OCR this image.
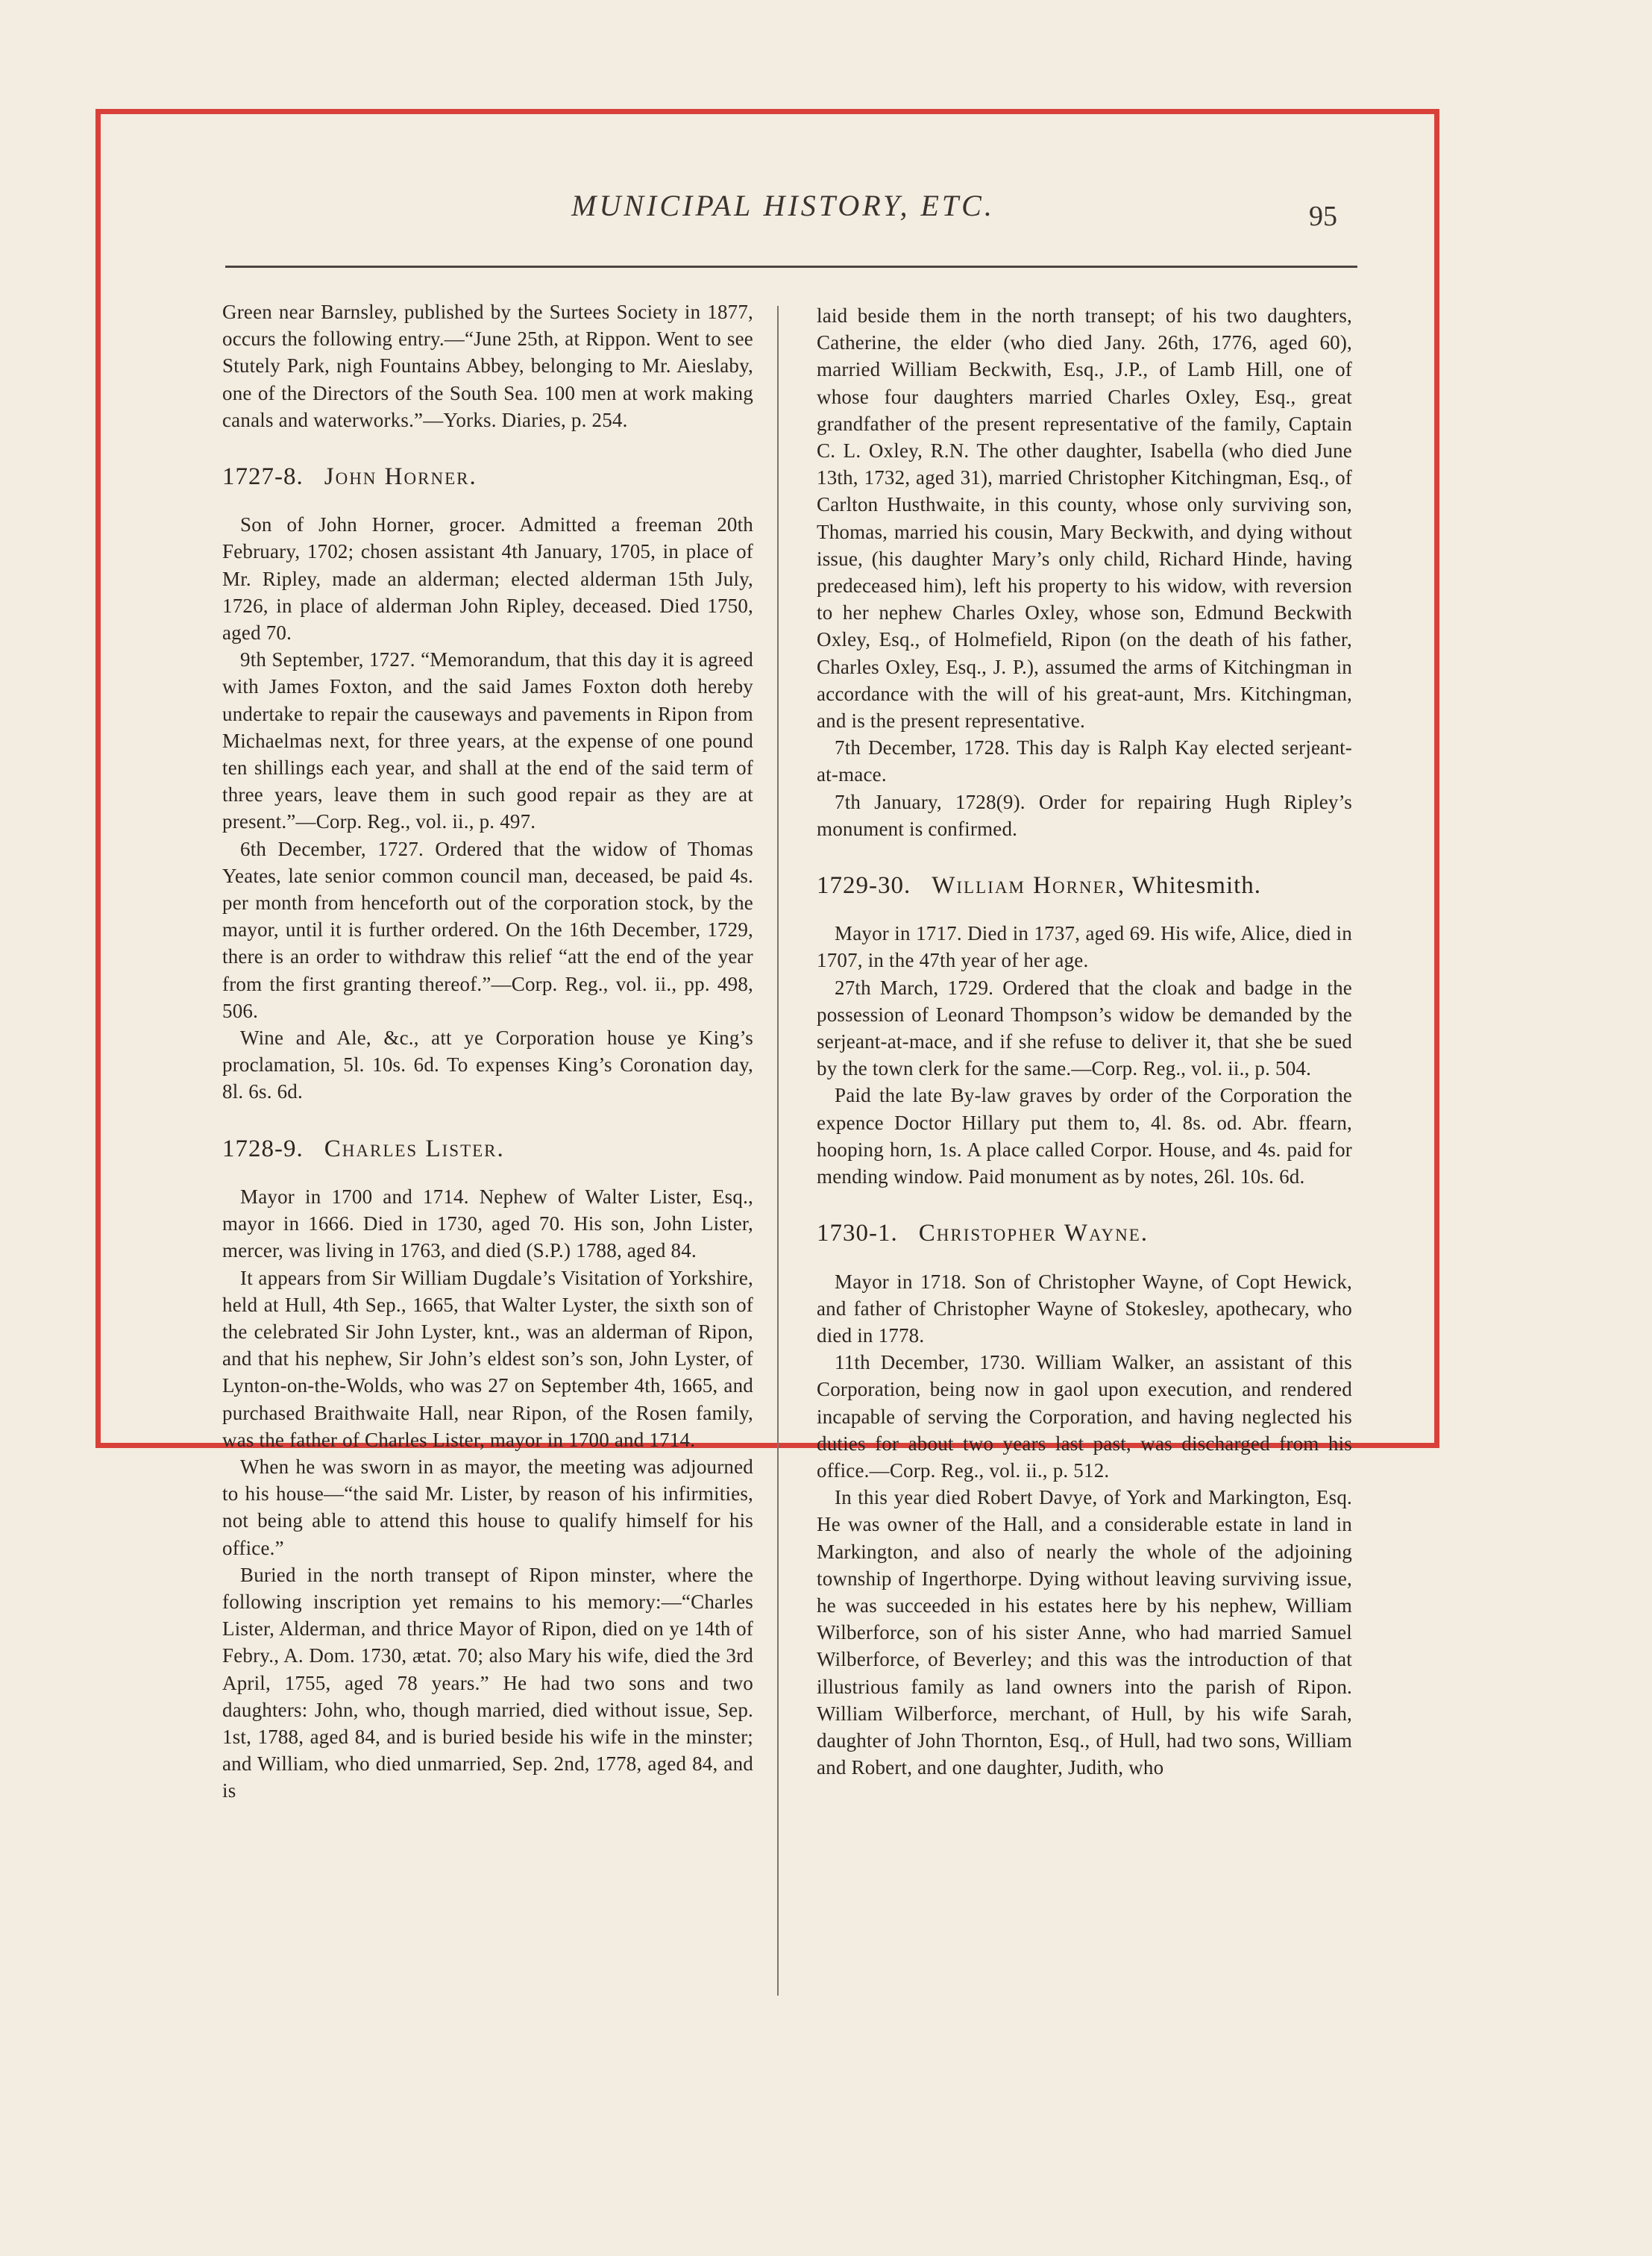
MUNICIPAL HISTORY, ETC.	95

Green near Barnsley, published by the Surtees Society in 1877, occurs the following entry.—“June 25th, at Rippon. Went to see Stutely Park, nigh Fountains Abbey, belonging to Mr. Aieslaby, one of the Directors of the South Sea. 100 men at work making canals and waterworks.”—Yorks. Diaries, p. 254.

1727-8. John Horner.

Son of John Horner, grocer. Admitted a freeman 20th February, 1702; chosen assistant 4th January, 1705, in place of Mr. Ripley, made an alderman; elected alderman 15th July, 1726, in place of alderman John Ripley, deceased. Died 1750, aged 70.

9th September, 1727. “Memorandum, that this day it is agreed with James Foxton, and the said James Foxton doth hereby undertake to repair the causeways and pavements in Ripon from Michaelmas next, for three years, at the expense of one pound ten shillings each year, and shall at the end of the said term of three years, leave them in such good repair as they are at present.”—Corp. Reg., vol. ii., p. 497.

6th December, 1727. Ordered that the widow of Thomas Yeates, late senior common council man, deceased, be paid 4s. per month from henceforth out of the corporation stock, by the mayor, until it is further ordered. On the 16th December, 1729, there is an order to withdraw this relief “att the end of the year from the first granting thereof.”—Corp. Reg., vol. ii., pp. 498, 506.

Wine and Ale, &c., att ye Corporation house ye King’s proclamation, 5l. 10s. 6d. To expenses King’s Coronation day, 8l. 6s. 6d.

1728-9. Charles Lister.

Mayor in 1700 and 1714. Nephew of Walter Lister, Esq., mayor in 1666. Died in 1730, aged 70. His son, John Lister, mercer, was living in 1763, and died (S.P.) 1788, aged 84.

It appears from Sir William Dugdale’s Visitation of Yorkshire, held at Hull, 4th Sep., 1665, that Walter Lyster, the sixth son of the celebrated Sir John Lyster, knt., was an alderman of Ripon, and that his nephew, Sir John’s eldest son’s son, John Lyster, of Lynton-on-the-Wolds, who was 27 on September 4th, 1665, and purchased Braithwaite Hall, near Ripon, of the Rosen family, was the father of Charles Lister, mayor in 1700 and 1714.

When he was sworn in as mayor, the meeting was adjourned to his house—“the said Mr. Lister, by reason of his infirmities, not being able to attend this house to qualify himself for his office.”

Buried in the north transept of Ripon minster, where the following inscription yet remains to his memory:—“Charles Lister, Alderman, and thrice Mayor of Ripon, died on ye 14th of Febry., A. Dom. 1730, ætat. 70; also Mary his wife, died the 3rd April, 1755, aged 78 years.” He had two sons and two daughters: John, who, though married, died without issue, Sep. 1st, 1788, aged 84, and is buried beside his wife in the minster; and William, who died unmarried, Sep. 2nd, 1778, aged 84, and is

laid beside them in the north transept; of his two daughters, Catherine, the elder (who died Jany. 26th, 1776, aged 60), married William Beckwith, Esq., J.P., of Lamb Hill, one of whose four daughters married Charles Oxley, Esq., great grandfather of the present representative of the family, Captain C. L. Oxley, R.N. The other daughter, Isabella (who died June 13th, 1732, aged 31), married Christopher Kitchingman, Esq., of Carlton Husthwaite, in this county, whose only surviving son, Thomas, married his cousin, Mary Beckwith, and dying without issue, (his daughter Mary’s only child, Richard Hinde, having predeceased him), left his property to his widow, with reversion to her nephew Charles Oxley, whose son, Edmund Beckwith Oxley, Esq., of Holmefield, Ripon (on the death of his father, Charles Oxley, Esq., J. P.), assumed the arms of Kitchingman in accordance with the will of his great-aunt, Mrs. Kitchingman, and is the present representative.

7th December, 1728. This day is Ralph Kay elected serjeant-at-mace.

7th January, 1728(9). Order for repairing Hugh Ripley’s monument is confirmed.

1729-30. William Horner, Whitesmith.

Mayor in 1717. Died in 1737, aged 69. His wife, Alice, died in 1707, in the 47th year of her age.

27th March, 1729. Ordered that the cloak and badge in the possession of Leonard Thompson’s widow be demanded by the serjeant-at-mace, and if she refuse to deliver it, that she be sued by the town clerk for the same.—Corp. Reg., vol. ii., p. 504.

Paid the late By-law graves by order of the Corporation the expence Doctor Hillary put them to, 4l. 8s. od. Abr. ffearn, hooping horn, 1s. A place called Corpor. House, and 4s. paid for mending window. Paid monument as by notes, 26l. 10s. 6d.

1730-1. Christopher Wayne.

Mayor in 1718. Son of Christopher Wayne, of Copt Hewick, and father of Christopher Wayne of Stokesley, apothecary, who died in 1778.

11th December, 1730. William Walker, an assistant of this Corporation, being now in gaol upon execution, and rendered incapable of serving the Corporation, and having neglected his duties for about two years last past, was discharged from his office.—Corp. Reg., vol. ii., p. 512.

In this year died Robert Davye, of York and Markington, Esq. He was owner of the Hall, and a considerable estate in land in Markington, and also of nearly the whole of the adjoining township of Ingerthorpe. Dying without leaving surviving issue, he was succeeded in his estates here by his nephew, William Wilberforce, son of his sister Anne, who had married Samuel Wilberforce, of Beverley; and this was the introduction of that illustrious family as land owners into the parish of Ripon. William Wilberforce, merchant, of Hull, by his wife Sarah, daughter of John Thornton, Esq., of Hull, had two sons, William and Robert, and one daughter, Judith, who
